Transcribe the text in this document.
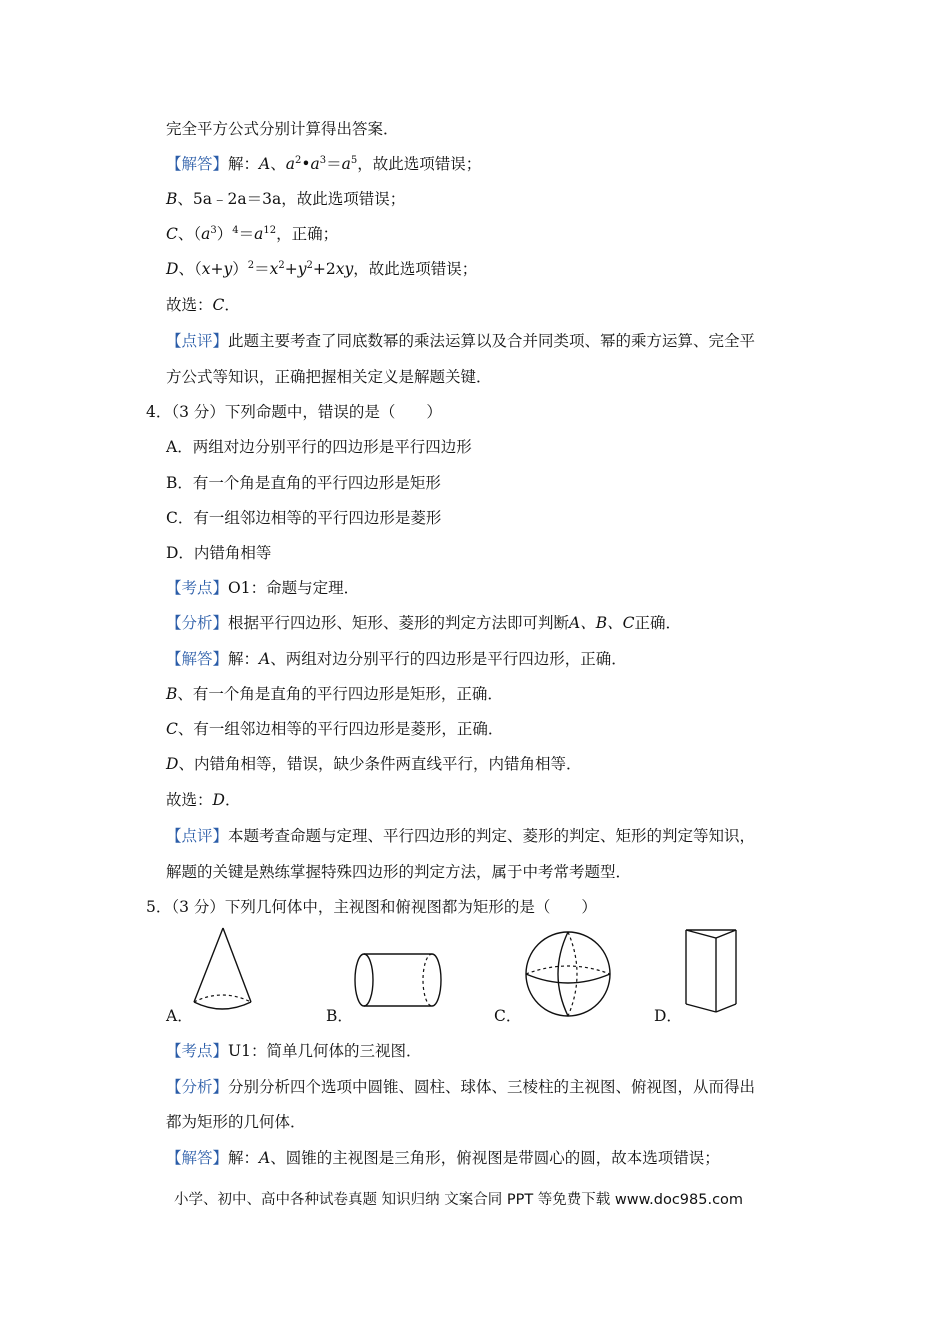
完全平方公式分别计算得出答案．
【解答】解：A、$a^2•a^3=a^5$，故此选项错误；
B、5a﹣2a＝3a，故此选项错误；
C、$(a^3)^4=a^{12}$，正确；
D、$(x+y)^2=x^2+y^2+2xy$，故此选项错误；
故选：C．
【点评】此题主要考查了同底数幂的乘法运算以及合并同类项、幂的乘方运算、完全平
方公式等知识，正确把握相关定义是解题关键．
4．（3 分）下列命题中，错误的是（　　）
A．两组对边分别平行的四边形是平行四边形
B．有一个角是直角的平行四边形是矩形
C．有一组邻边相等的平行四边形是菱形
D．内错角相等
【考点】O1：命题与定理．
【分析】根据平行四边形、矩形、菱形的判定方法即可判断A、B、C正确．
【解答】解：A、两组对边分别平行的四边形是平行四边形，正确．
B、有一个角是直角的平行四边形是矩形，正确．
C、有一组邻边相等的平行四边形是菱形，正确．
D、内错角相等，错误，缺少条件两直线平行，内错角相等．
故选：D．
【点评】本题考查命题与定理、平行四边形的判定、菱形的判定、矩形的判定等知识，
解题的关键是熟练掌握特殊四边形的判定方法，属于中考常考题型．
5．（3 分）下列几何体中，主视图和俯视图都为矩形的是（　　）
A．	B．	C．	D．
【考点】U1：简单几何体的三视图．
【分析】分别分析四个选项中圆锥、圆柱、球体、三棱柱的主视图、俯视图，从而得出
都为矩形的几何体．
【解答】解：A、圆锥的主视图是三角形，俯视图是带圆心的圆，故本选项错误；
小学、初中、高中各种试卷真题 知识归纳 文案合同 PPT 等免费下载 www.doc985.com
